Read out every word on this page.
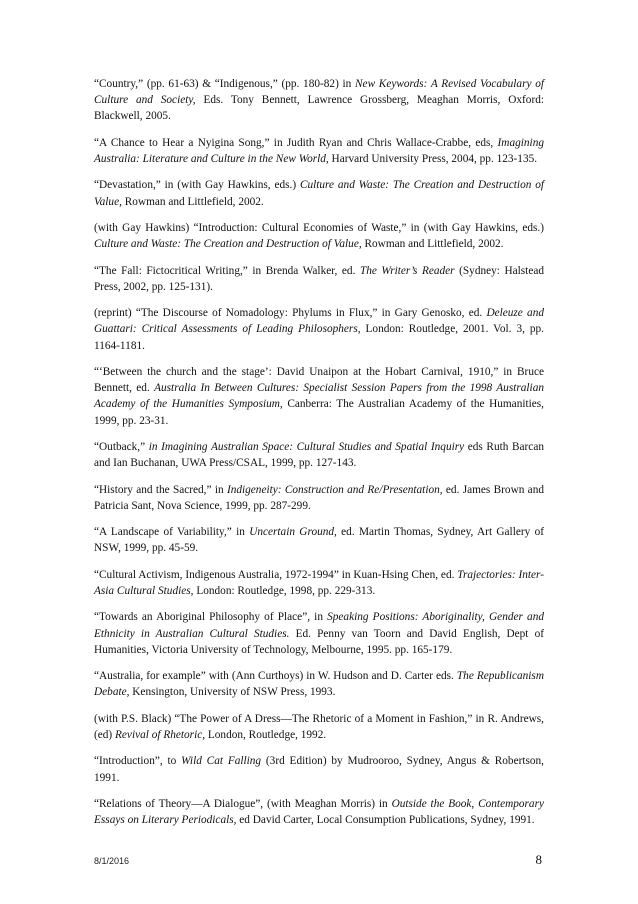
“Country,” (pp. 61-63) & “Indigenous,” (pp. 180-82) in New Keywords: A Revised Vocabulary of Culture and Society, Eds. Tony Bennett, Lawrence Grossberg, Meaghan Morris, Oxford: Blackwell, 2005.

“A Chance to Hear a Nyigina Song,” in Judith Ryan and Chris Wallace-Crabbe, eds, Imagining Australia: Literature and Culture in the New World, Harvard University Press, 2004, pp. 123-135.

“Devastation,” in (with Gay Hawkins, eds.) Culture and Waste: The Creation and Destruction of Value, Rowman and Littlefield, 2002.

(with Gay Hawkins) “Introduction: Cultural Economies of Waste,” in (with Gay Hawkins, eds.) Culture and Waste: The Creation and Destruction of Value, Rowman and Littlefield, 2002.

“The Fall: Fictocritical Writing,” in Brenda Walker, ed. The Writer’s Reader (Sydney: Halstead Press, 2002, pp. 125-131).

(reprint) “The Discourse of Nomadology: Phylums in Flux,” in Gary Genosko, ed. Deleuze and Guattari: Critical Assessments of Leading Philosophers, London: Routledge, 2001. Vol. 3, pp. 1164-1181.

“‘Between the church and the stage’: David Unaipon at the Hobart Carnival, 1910,” in Bruce Bennett, ed. Australia In Between Cultures: Specialist Session Papers from the 1998 Australian Academy of the Humanities Symposium, Canberra: The Australian Academy of the Humanities, 1999, pp. 23-31.

“Outback,” in Imagining Australian Space: Cultural Studies and Spatial Inquiry eds Ruth Barcan and Ian Buchanan, UWA Press/CSAL, 1999, pp. 127-143.

“History and the Sacred,” in Indigeneity: Construction and Re/Presentation, ed. James Brown and Patricia Sant, Nova Science, 1999, pp. 287-299.

“A Landscape of Variability,” in Uncertain Ground, ed. Martin Thomas, Sydney, Art Gallery of NSW, 1999, pp. 45-59.

“Cultural Activism, Indigenous Australia, 1972-1994” in Kuan-Hsing Chen, ed. Trajectories: Inter-Asia Cultural Studies, London: Routledge, 1998, pp. 229-313.

“Towards an Aboriginal Philosophy of Place”, in Speaking Positions: Aboriginality, Gender and Ethnicity in Australian Cultural Studies. Ed. Penny van Toorn and David English, Dept of Humanities, Victoria University of Technology, Melbourne, 1995. pp. 165-179.

“Australia, for example” with (Ann Curthoys) in W. Hudson and D. Carter eds. The Republicanism Debate, Kensington, University of NSW Press, 1993.

(with P.S. Black) “The Power of A Dress—The Rhetoric of a Moment in Fashion,” in R. Andrews, (ed) Revival of Rhetoric, London, Routledge, 1992.

“Introduction”, to Wild Cat Falling (3rd Edition) by Mudrooroo, Sydney, Angus & Robertson, 1991.

“Relations of Theory—A Dialogue”, (with Meaghan Morris) in Outside the Book, Contemporary Essays on Literary Periodicals, ed David Carter, Local Consumption Publications, Sydney, 1991.

8/1/2016	8
